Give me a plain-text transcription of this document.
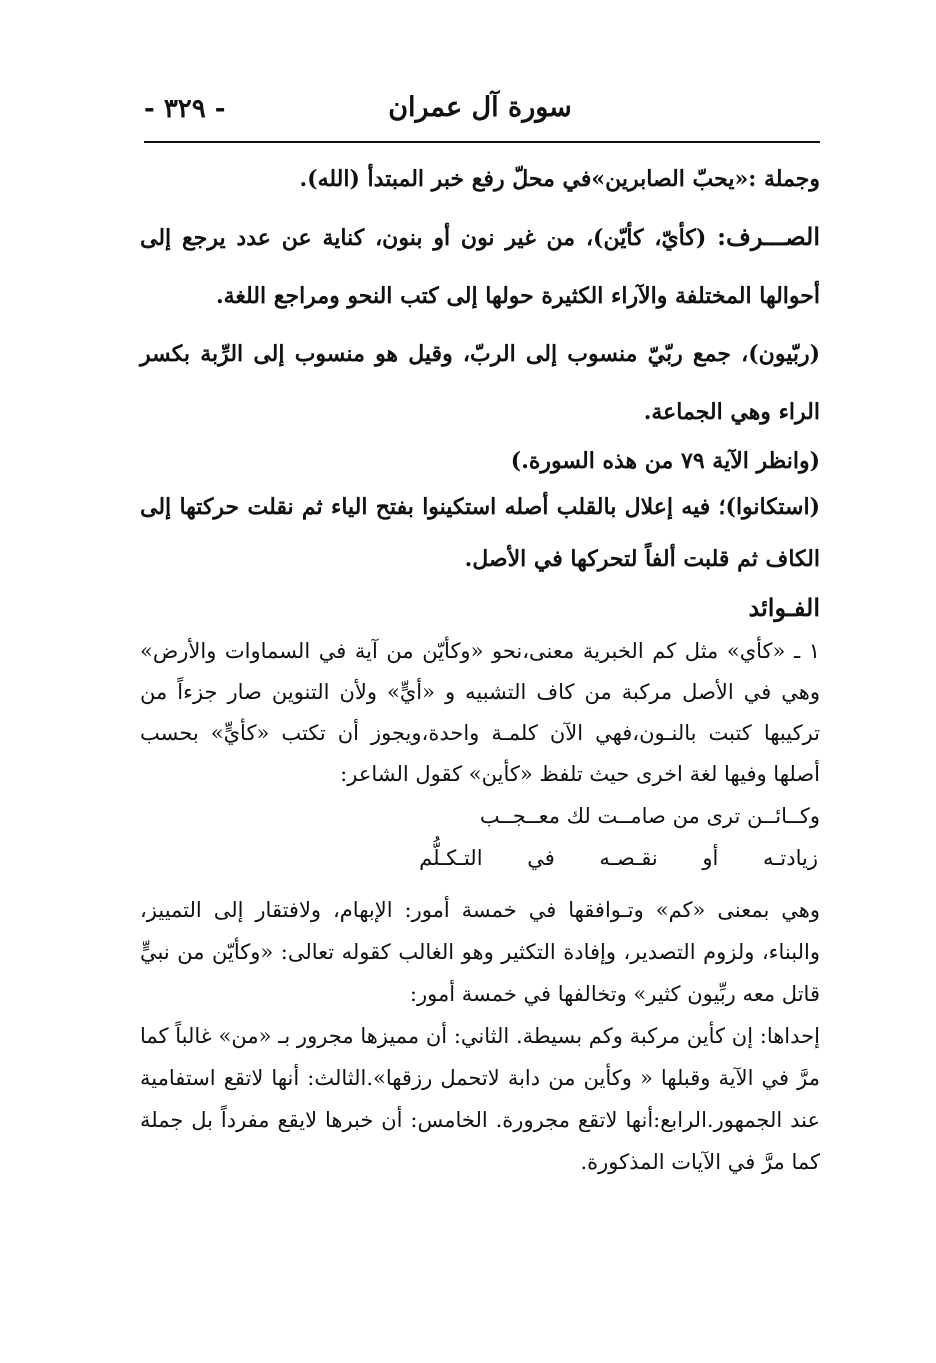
سورة آل عمران
- ٣٢٩ -

وجملة :«يحبّ الصابرين»في محلّ رفع خبر المبتدأ (الله).

الصـــرف: (كأيّ، كأيّن)، من غير نون أو بنون، كناية عن عدد يرجع إلى أحوالها المختلفة والآراء الكثيرة حولها إلى كتب النحو ومراجع اللغة.

(ربّيون)، جمع ربّيّ منسوب إلى الربّ، وقيل هو منسوب إلى الرِّبة بكسر الراء وهي الجماعة.

(وانظر الآية ٧٩ من هذه السورة.)

(استكانوا)؛ فيه إعلال بالقلب أصله استكينوا بفتح الياء ثم نقلت حركتها إلى الكاف ثم قلبت ألفاً لتحركها في الأصل.

الفـوائد

١ ـ «كأي» مثل كم الخبرية معنى،نحو «وكأيّن من آية في السماوات والأرض» وهي في الأصل مركبة من كاف التشبيه و «أيٍّ» ولأن التنوين صار جزءاً من تركيبها كتبت بالنـون،فهي الآن كلمـة واحدة،ويجوز أن تكتب «كأيٍّ» بحسب أصلها وفيها لغة اخرى حيث تلفظ «كأين» كقول الشاعر:

وكــائــن ترى من صامــت لك معــجــب

زيادتـه أو نقـصـه في التـكـلُّم

وهي بمعنى «كم» وتـوافقها في خمسة أمور: الإبهام، ولافتقار إلى التمييز، والبناء، ولزوم التصدير، وإفادة التكثير وهو الغالب كقوله تعالى: «وكأيّن من نبيٍّ قاتل معه ربِّيون كثير» وتخالفها في خمسة أمور:

إحداها: إن كأين مركبة وكم بسيطة. الثاني: أن مميزها مجرور بـ «من» غالباً كما مرَّ في الآية وقبلها « وكأين من دابة لاتحمل رزقها».الثالث: أنها لاتقع استفامية عند الجمهور.الرابع:أنها لاتقع مجرورة. الخامس: أن خبرها لايقع مفرداً بل جملة كما مرَّ في الآيات المذكورة.
